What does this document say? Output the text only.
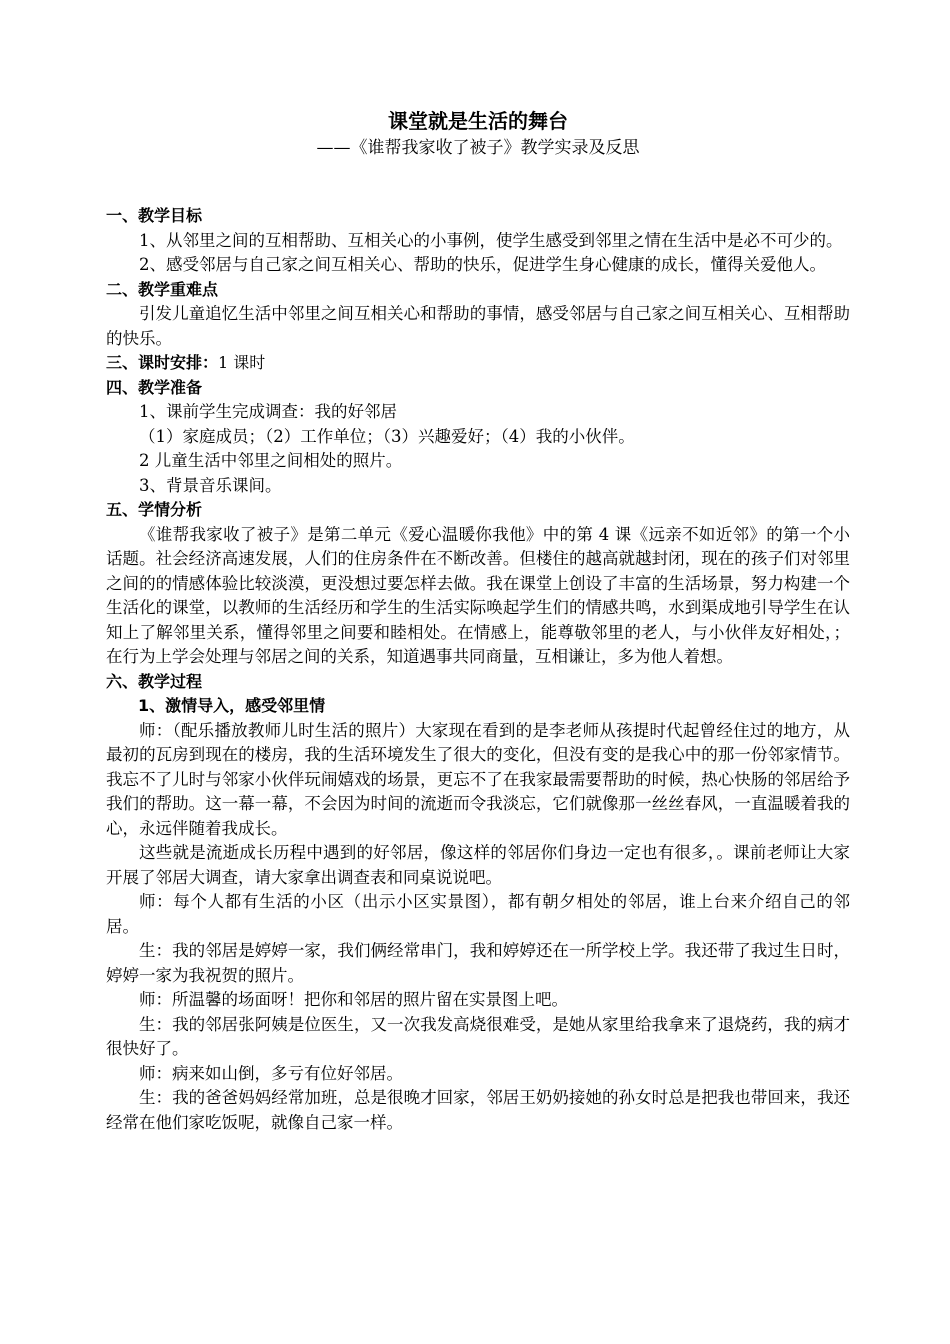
课堂就是生活的舞台

——《谁帮我家收了被子》教学实录及反思

一、教学目标

1、从邻里之间的互相帮助、互相关心的小事例，使学生感受到邻里之情在生活中是必不可少的。

2、感受邻居与自己家之间互相关心、帮助的快乐，促进学生身心健康的成长，懂得关爱他人。

二、教学重难点

引发儿童追忆生活中邻里之间互相关心和帮助的事情，感受邻居与自己家之间互相关心、互相帮助的快乐。

三、课时安排：1 课时
四、教学准备

1、课前学生完成调查：我的好邻居

（1）家庭成员；（2）工作单位；（3）兴趣爱好；（4）我的小伙伴。

2 儿童生活中邻里之间相处的照片。

3、背景音乐课间。

五、学情分析

《谁帮我家收了被子》是第二单元《爱心温暖你我他》中的第 4 课《远亲不如近邻》的第一个小话题。社会经济高速发展，人们的住房条件在不断改善。但楼住的越高就越封闭，现在的孩子们对邻里之间的的情感体验比较淡漠，更没想过要怎样去做。我在课堂上创设了丰富的生活场景，努力构建一个生活化的课堂，以教师的生活经历和学生的生活实际唤起学生们的情感共鸣，水到渠成地引导学生在认知上了解邻里关系，懂得邻里之间要和睦相处。在情感上，能尊敬邻里的老人，与小伙伴友好相处，；在行为上学会处理与邻居之间的关系，知道遇事共同商量，互相谦让，多为他人着想。

六、教学过程

1、激情导入，感受邻里情

师：（配乐播放教师儿时生活的照片）大家现在看到的是李老师从孩提时代起曾经住过的地方，从最初的瓦房到现在的楼房，我的生活环境发生了很大的变化，但没有变的是我心中的那一份邻家情节。我忘不了儿时与邻家小伙伴玩闹嬉戏的场景，更忘不了在我家最需要帮助的时候，热心快肠的邻居给予我们的帮助。这一幕一幕，不会因为时间的流逝而令我淡忘，它们就像那一丝丝春风，一直温暖着我的心，永远伴随着我成长。

这些就是流逝成长历程中遇到的好邻居，像这样的邻居你们身边一定也有很多，。课前老师让大家开展了邻居大调查，请大家拿出调查表和同桌说说吧。

师：每个人都有生活的小区（出示小区实景图），都有朝夕相处的邻居，谁上台来介绍自己的邻居。

生：我的邻居是婷婷一家，我们俩经常串门，我和婷婷还在一所学校上学。我还带了我过生日时，婷婷一家为我祝贺的照片。

师：所温馨的场面呀！把你和邻居的照片留在实景图上吧。

生：我的邻居张阿姨是位医生，又一次我发高烧很难受，是她从家里给我拿来了退烧药，我的病才很快好了。

师：病来如山倒，多亏有位好邻居。

生：我的爸爸妈妈经常加班，总是很晚才回家，邻居王奶奶接她的孙女时总是把我也带回来，我还经常在他们家吃饭呢，就像自己家一样。
